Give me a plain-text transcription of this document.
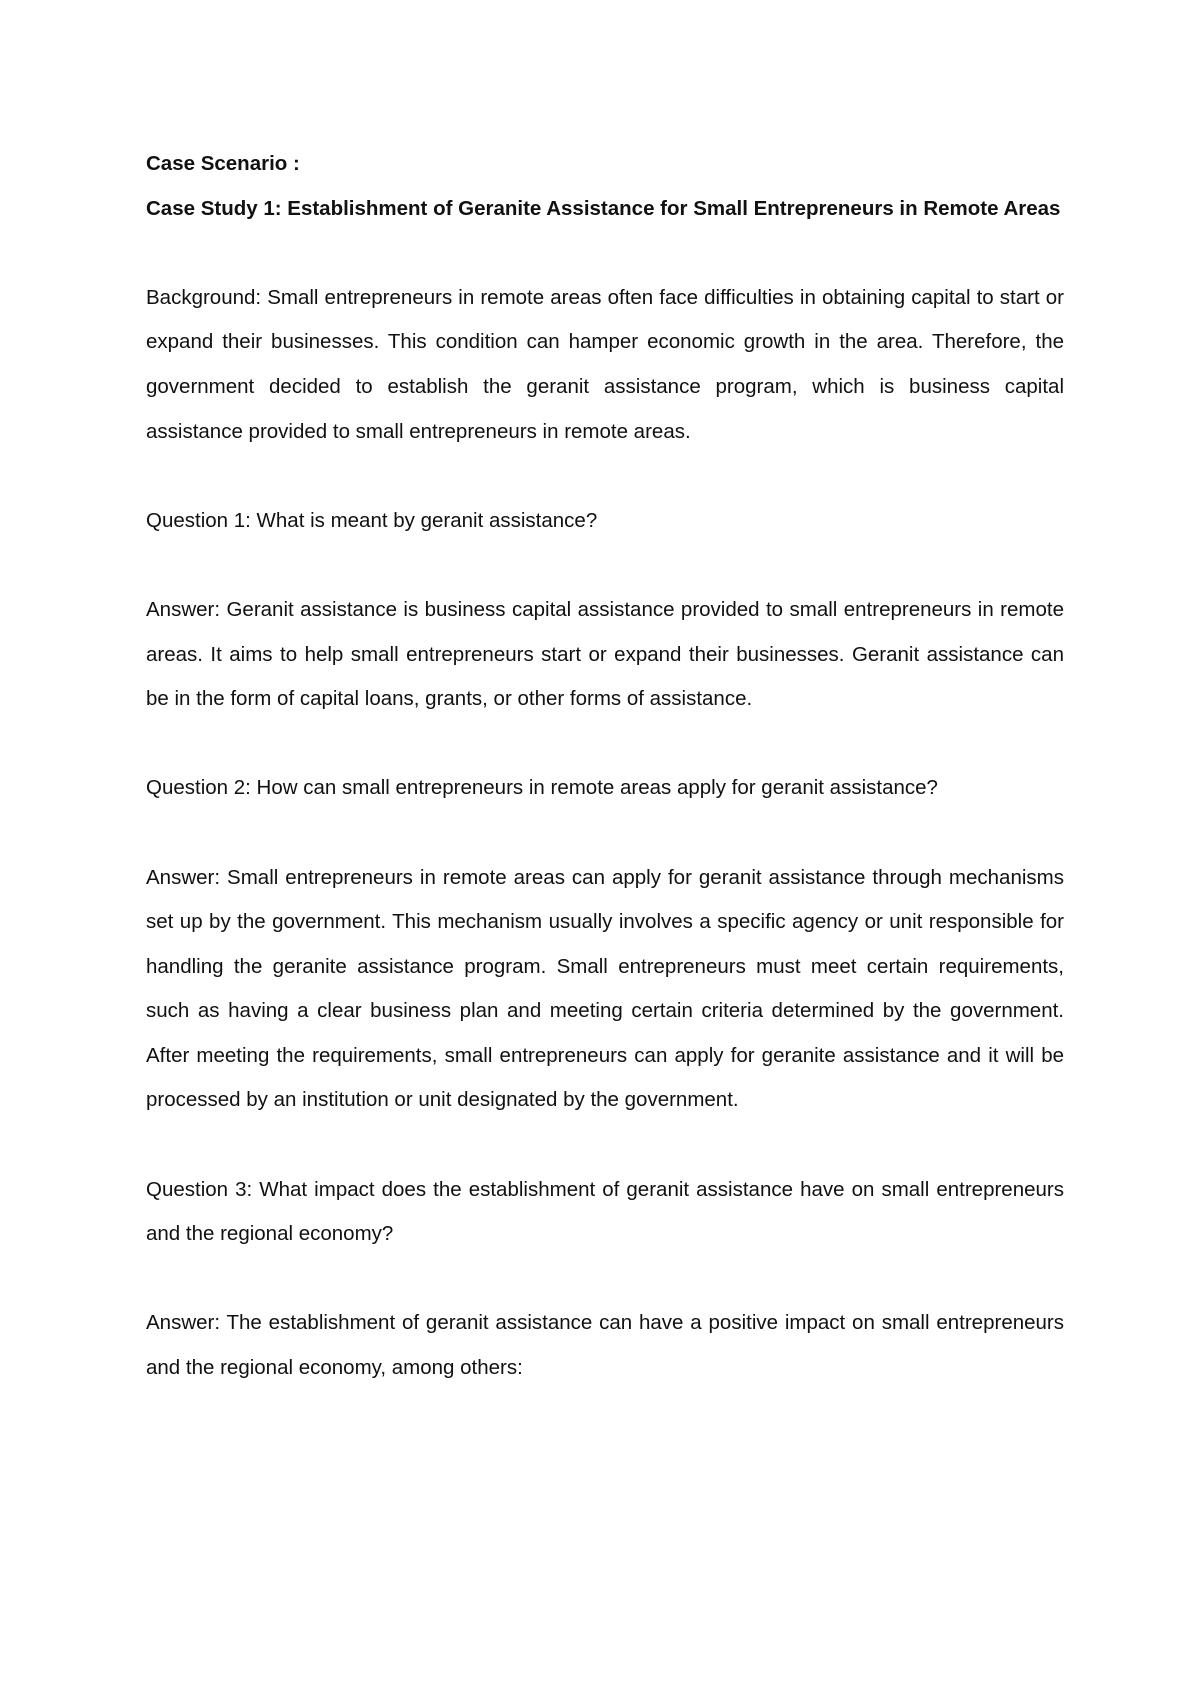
Case Scenario :

Case Study 1: Establishment of Geranite Assistance for Small Entrepreneurs in Remote Areas

Background: Small entrepreneurs in remote areas often face difficulties in obtaining capital to start or expand their businesses. This condition can hamper economic growth in the area. Therefore, the government decided to establish the geranit assistance program, which is business capital assistance provided to small entrepreneurs in remote areas.

Question 1: What is meant by geranit assistance?

Answer: Geranit assistance is business capital assistance provided to small entrepreneurs in remote areas. It aims to help small entrepreneurs start or expand their businesses. Geranit assistance can be in the form of capital loans, grants, or other forms of assistance.

Question 2: How can small entrepreneurs in remote areas apply for geranit assistance?

Answer: Small entrepreneurs in remote areas can apply for geranit assistance through mechanisms set up by the government. This mechanism usually involves a specific agency or unit responsible for handling the geranite assistance program. Small entrepreneurs must meet certain requirements, such as having a clear business plan and meeting certain criteria determined by the government. After meeting the requirements, small entrepreneurs can apply for geranite assistance and it will be processed by an institution or unit designated by the government.

Question 3: What impact does the establishment of geranit assistance have on small entrepreneurs and the regional economy?

Answer: The establishment of geranit assistance can have a positive impact on small entrepreneurs and the regional economy, among others:
